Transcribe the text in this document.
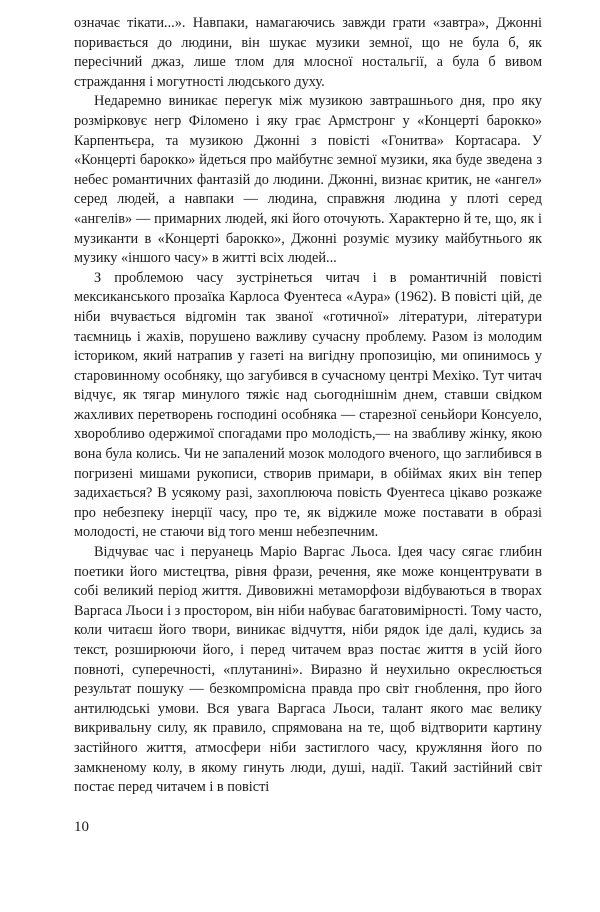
означає тікати...». Навпаки, намагаючись завжди грати «завтра», Джонні поривається до людини, він шукає музики земної, що не була б, як пересічний джаз, лише тлом для млосної ностальгії, а була б вивом страждання і могутності людського духу.

Недаремно виникає перегук між музикою завтрашнього дня, про яку розмірковує негр Філомено і яку грає Армстронг у «Концерті барокко» Карпентьєра, та музикою Джонні з повісті «Гонитва» Кортасара. У «Концерті барокко» йдеться про майбутнє земної музики, яка буде зведена з небес романтичних фантазій до людини. Джонні, визнає критик, не «ангел» серед людей, а навпаки — людина, справжня людина у плоті серед «ангелів» — примарних людей, які його оточують. Характерно й те, що, як і музиканти в «Концерті барокко», Джонні розуміє музику майбутнього як музику «іншого часу» в житті всіх людей...

З проблемою часу зустрінеться читач і в романтичній повісті мексиканського прозаїка Карлоса Фуентеса «Аура» (1962). В повісті цій, де ніби вчувається відгомін так званої «готичної» літератури, літератури таємниць і жахів, порушено важливу сучасну проблему. Разом із молодим істориком, який натрапив у газеті на вигідну пропозицію, ми опинимось у старовинному особняку, що загубився в сучасному центрі Мехіко. Тут читач відчує, як тягар минулого тяжіє над сьогоднішнім днем, ставши свідком жахливих перетворень господині особняка — старезної сеньйори Консуело, хворобливо одержимої спогадами про молодість,— на звабливу жінку, якою вона була колись. Чи не запалений мозок молодого вченого, що заглибився в погризені мишами рукописи, створив примари, в обіймах яких він тепер задихається? В усякому разі, захоплююча повість Фуентеса цікаво розкаже про небезпеку інерції часу, про те, як віджиле може поставати в образі молодості, не стаючи від того менш небезпечним.

Відчуває час і перуанець Маріо Варгас Льоса. Ідея часу сягає глибин поетики його мистецтва, рівня фрази, речення, яке може концентрувати в собі великий період життя. Дивовижні метаморфози відбуваються в творах Варгаса Льоси і з простором, він ніби набуває багатовимірності. Тому часто, коли читаєш його твори, виникає відчуття, ніби рядок іде далі, кудись за текст, розширюючи його, і перед читачем враз постає життя в усій його повноті, суперечності, «плутанині». Виразно й неухильно окреслюється результат пошуку — безкомпромісна правда про світ гноблення, про його антилюдські умови. Вся увага Варгаса Льоси, талант якого має велику викривальну силу, як правило, спрямована на те, щоб відтворити картину застійного життя, атмосфери ніби застиглого часу, кружляння його по замкненому колу, в якому гинуть люди, душі, надії. Такий застійний світ постає перед читачем і в повісті

10
